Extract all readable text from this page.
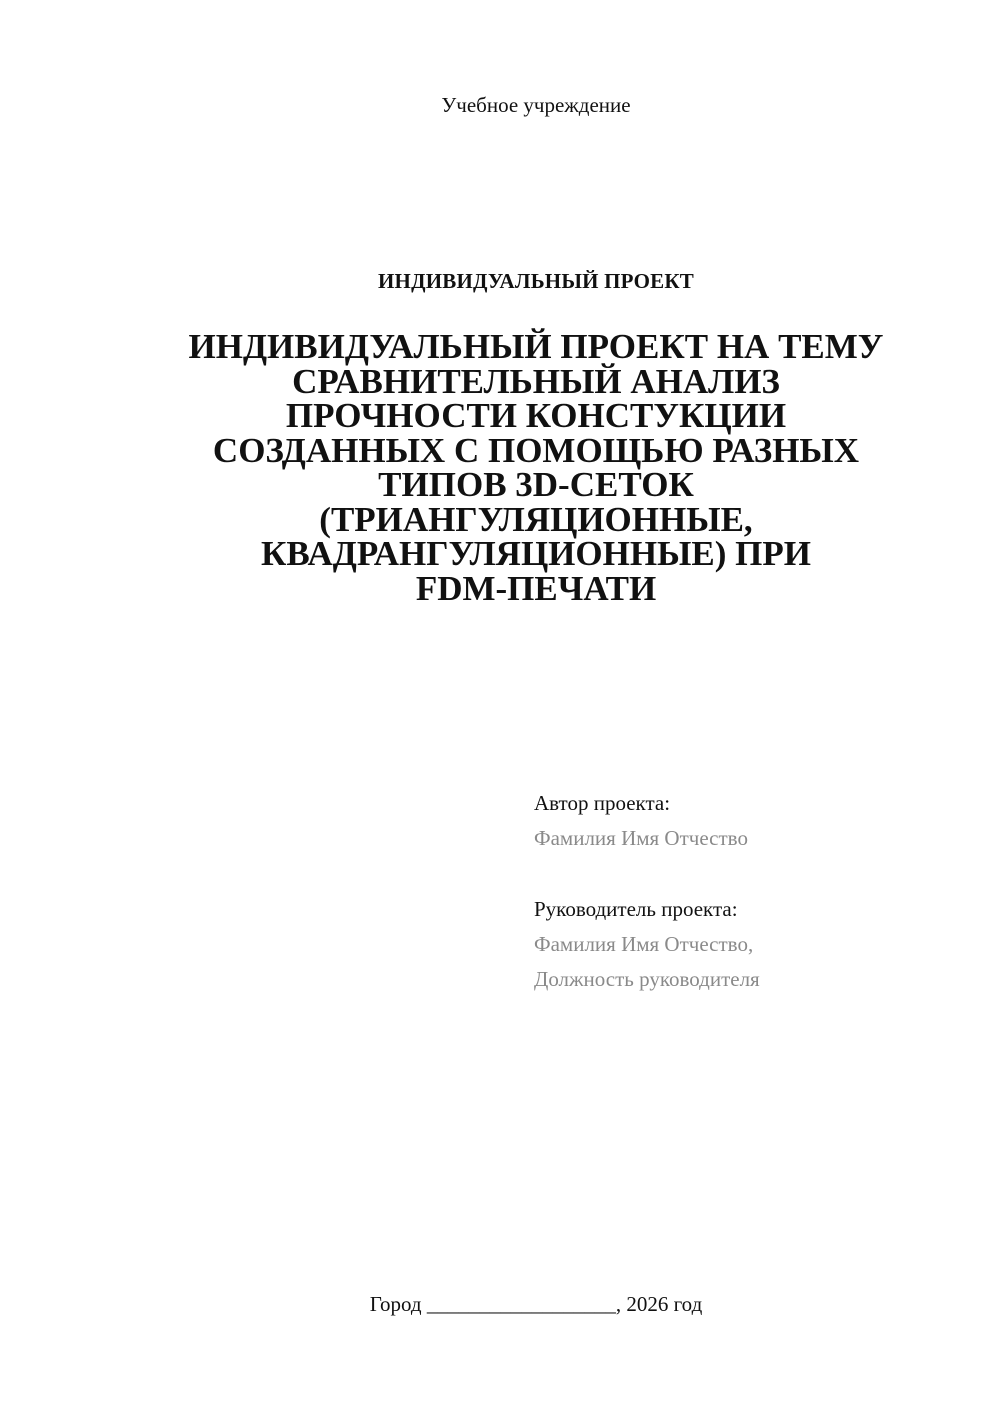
Учебное учреждение
ИНДИВИДУАЛЬНЫЙ ПРОЕКТ
ИНДИВИДУАЛЬНЫЙ ПРОЕКТ НА ТЕМУ
СРАВНИТЕЛЬНЫЙ АНАЛИЗ
ПРОЧНОСТИ КОНСТУКЦИИ
СОЗДАННЫХ С ПОМОЩЬЮ РАЗНЫХ
ТИПОВ 3D-СЕТОК
(ТРИАНГУЛЯЦИОННЫЕ,
КВАДРАНГУЛЯЦИОННЫЕ) ПРИ
FDM-ПЕЧАТИ
Автор проекта:
Фамилия Имя Отчество
Руководитель проекта:
Фамилия Имя Отчество,
Должность руководителя
Город __________________, 2026 год
